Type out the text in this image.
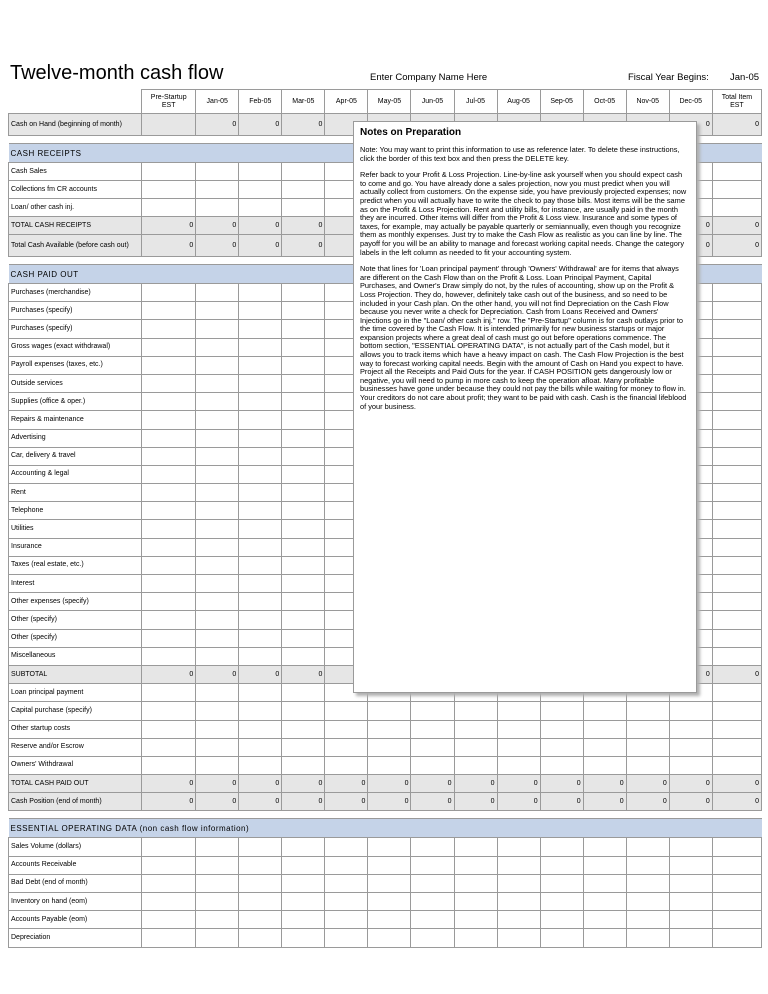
Twelve-month cash flow	Enter Company Name Here	Fiscal Year Begins: Jan-05
	Pre-Startup EST	Jan-05	Feb-05	Mar-05	Apr-05	May-05	Jun-05	Jul-05	Aug-05	Sep-05	Oct-05	Nov-05	Dec-05	Total Item EST
Cash on Hand (beginning of month)		0	0	0									0	0

CASH RECEIPTS														
Cash Sales														
Collections fm CR accounts														
Loan/ other cash inj.														
TOTAL CASH RECEIPTS	0	0	0	0									0	0
Total Cash Available (before cash out)	0	0	0	0									0	0

CASH PAID OUT														
Purchases (merchandise)														
Purchases (specify)														
Purchases (specify)														
Gross wages (exact withdrawal)														
Payroll expenses (taxes, etc.)														
Outside services														
Supplies (office & oper.)														
Repairs & maintenance														
Advertising														
Car, delivery & travel														
Accounting & legal														
Rent														
Telephone														
Utilities														
Insurance														
Taxes (real estate, etc.)														
Interest														
Other expenses (specify)														
Other (specify)														
Other (specify)														
Miscellaneous														
SUBTOTAL	0	0	0	0									0	0
Loan principal payment														
Capital purchase (specify)														
Other startup costs														
Reserve and/or Escrow														
Owners' Withdrawal														
TOTAL CASH PAID OUT	0	0	0	0	0	0	0	0	0	0	0	0	0	0
Cash Position (end of month)	0	0	0	0	0	0	0	0	0	0	0	0	0	0

ESSENTIAL OPERATING DATA (non cash flow information)														
Sales Volume (dollars)														
Accounts Receivable														
Bad Debt (end of month)														
Inventory on hand (eom)														
Accounts Payable (eom)														
Depreciation														
Notes on Preparation

Note: You may want to print this information to use as reference later. To delete these instructions, click the border of this text box and then press the DELETE key.

Refer back to your Profit & Loss Projection. Line-by-line ask yourself when you should expect cash to come and go. You have already done a sales projection, now you must predict when you will actually collect from customers. On the expense side, you have previously projected expenses; now predict when you will actually have to write the check to pay those bills. Most items will be the same as on the Profit & Loss Projection. Rent and utility bills, for instance, are usually paid in the month they are incurred. Other items will differ from the Profit & Loss view. Insurance and some types of taxes, for example, may actually be payable quarterly or semiannually, even though you recognize them as monthly expenses. Just try to make the Cash Flow as realistic as you can line by line. The payoff for you will be an ability to manage and forecast working capital needs. Change the category labels in the left column as needed to fit your accounting system.

Note that lines for 'Loan principal payment' through 'Owners' Withdrawal' are for items that always are different on the Cash Flow than on the Profit & Loss. Loan Principal Payment, Capital Purchases, and Owner's Draw simply do not, by the rules of accounting, show up on the Profit & Loss Projection. They do, however, definitely take cash out of the business, and so need to be included in your Cash plan. On the other hand, you will not find Depreciation on the Cash Flow because you never write a check for Depreciation. Cash from Loans Received and Owners' Injections go in the "Loan/ other cash inj." row. The "Pre-Startup" column is for cash outlays prior to the time covered by the Cash Flow. It is intended primarily for new business startups or major expansion projects where a great deal of cash must go out before operations commence. The bottom section, "ESSENTIAL OPERATING DATA", is not actually part of the Cash model, but it allows you to track items which have a heavy impact on cash. The Cash Flow Projection is the best way to forecast working capital needs. Begin with the amount of Cash on Hand you expect to have. Project all the Receipts and Paid Outs for the year. If CASH POSITION gets dangerously low or negative, you will need to pump in more cash to keep the operation afloat. Many profitable businesses have gone under because they could not pay the bills while waiting for money to flow in. Your creditors do not care about profit; they want to be paid with cash. Cash is the financial lifeblood of your business.
